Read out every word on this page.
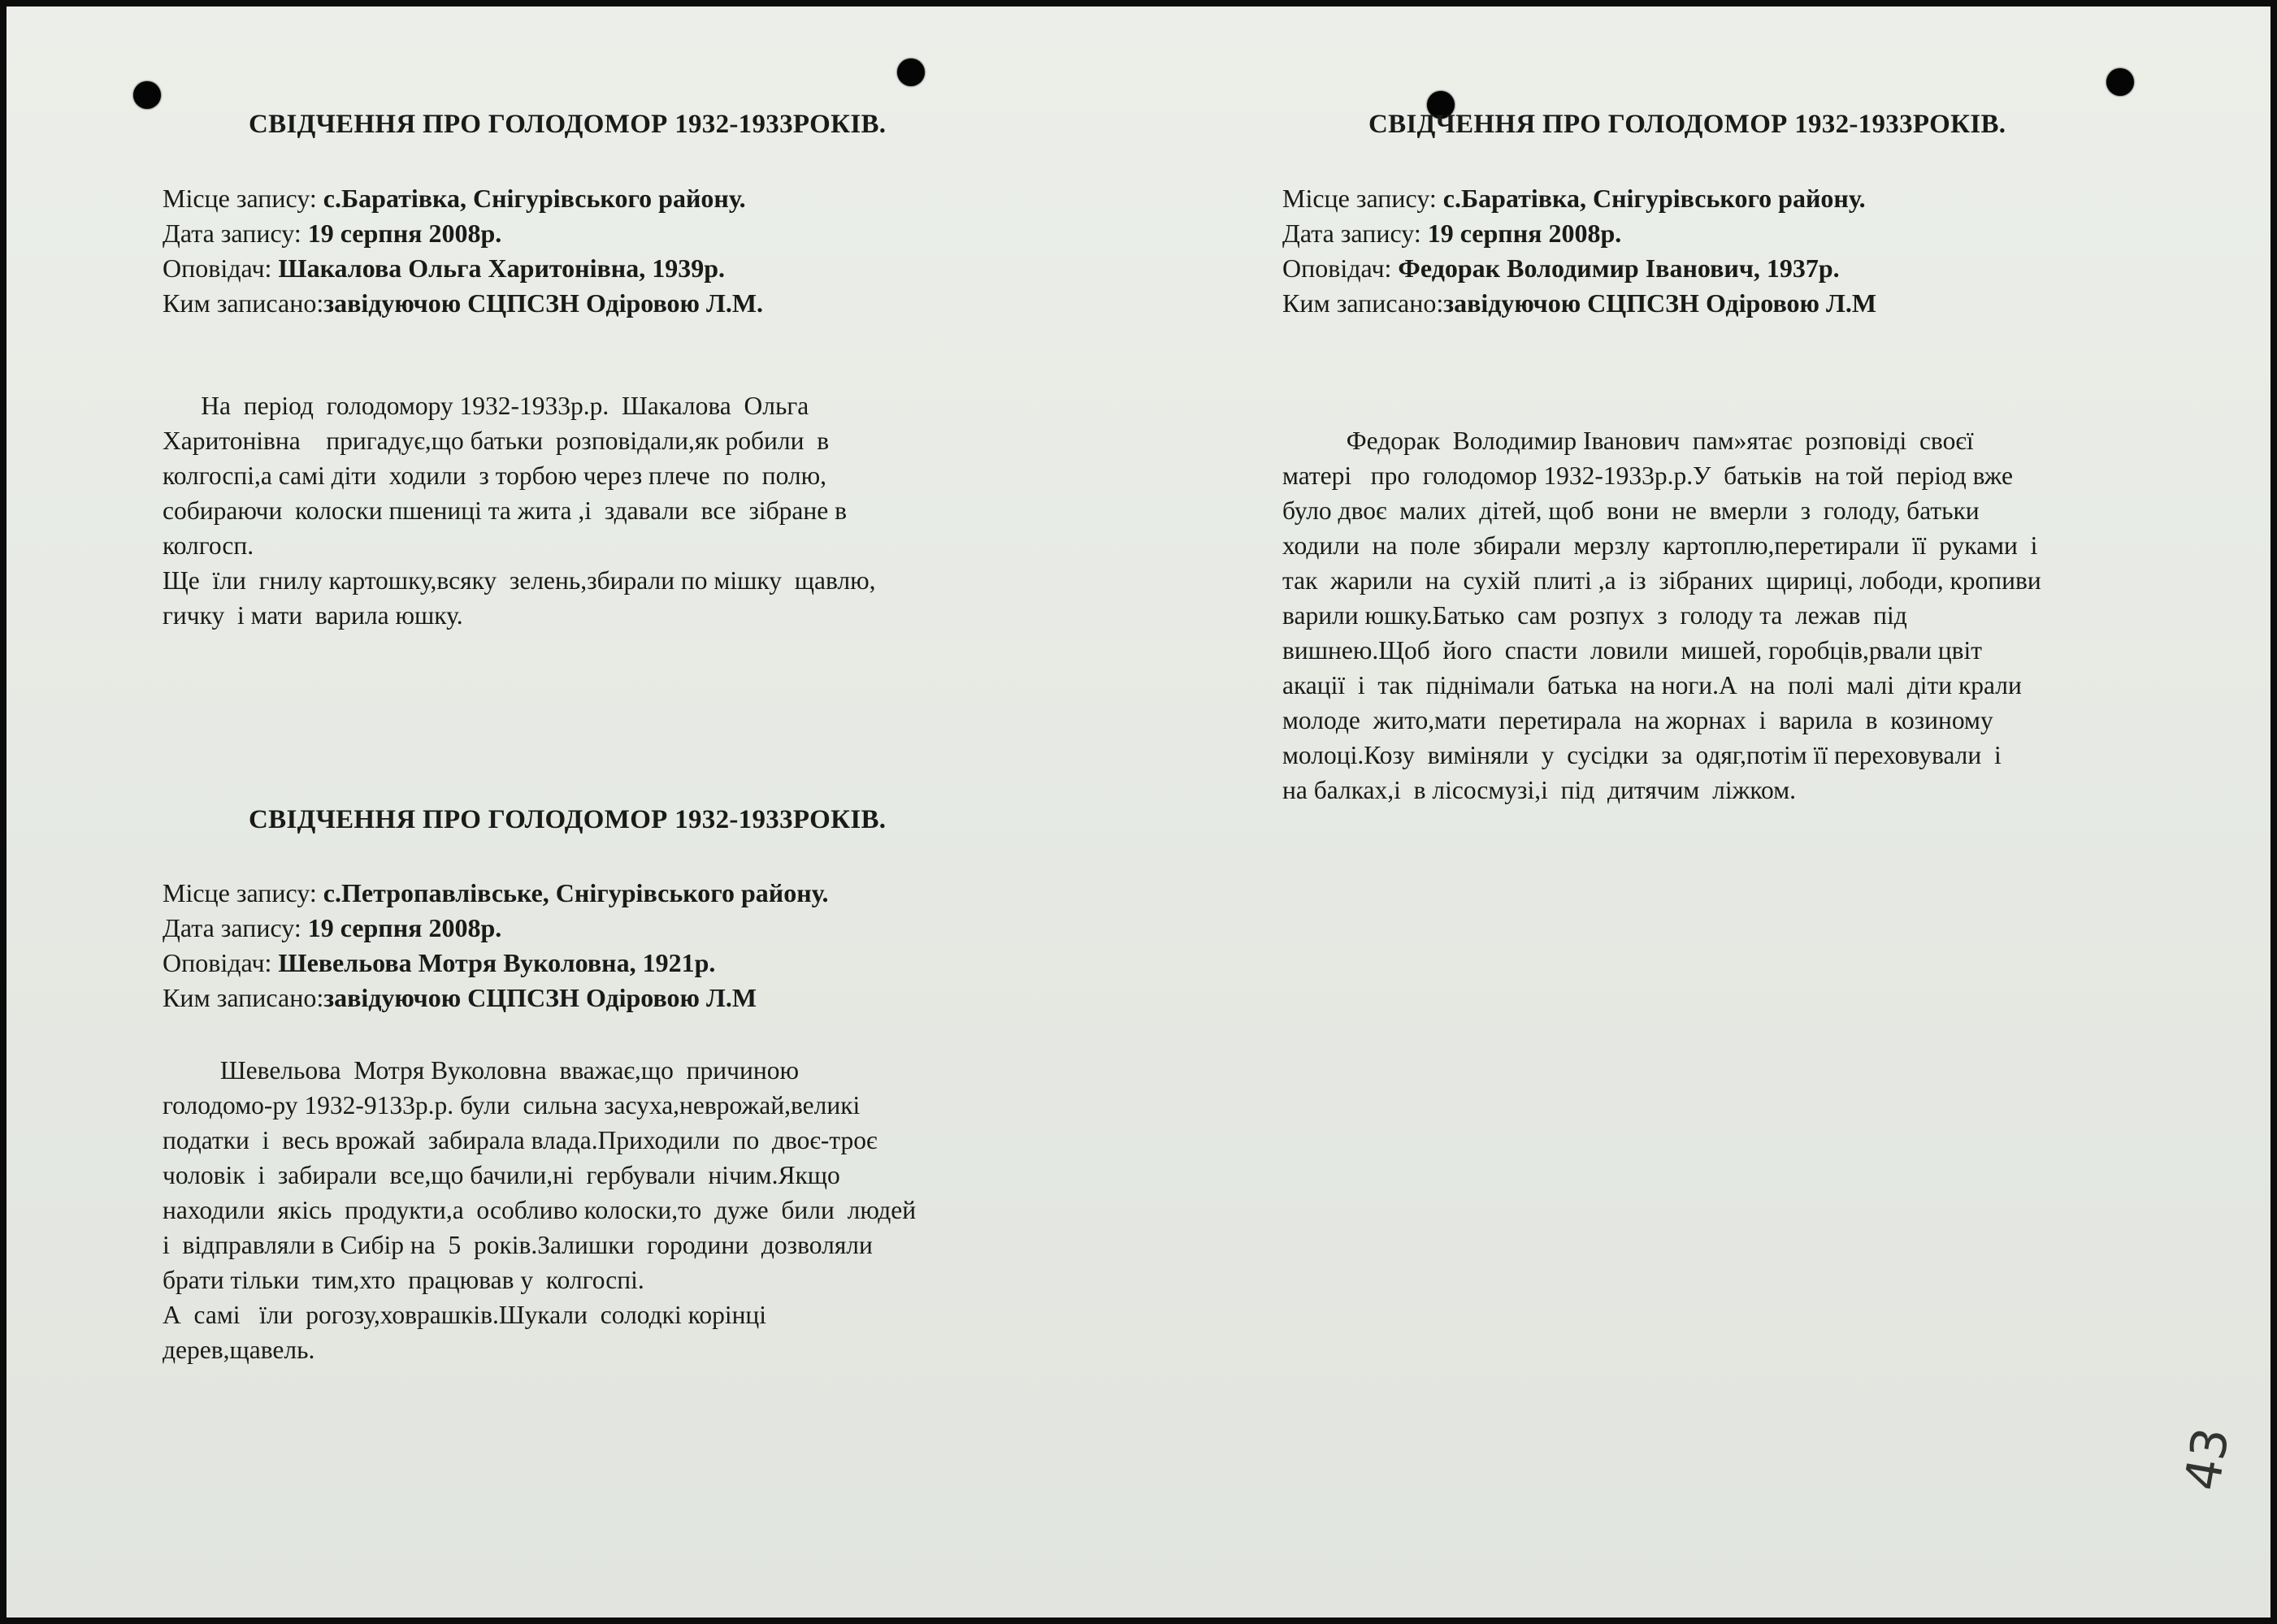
СВІДЧЕННЯ ПРО ГОЛОДОМОР 1932-1933РОКІВ.
Місце запису: с.Баратівка, Снігурівського району.
Дата запису: 19 серпня 2008р.
Оповідач: Шакалова Ольга Харитонівна, 1939р.
Ким записано:завідуючою СЦПСЗН Одіровою Л.М.
На  період  голодомору 1932-1933р.р.  Шакалова  Ольга
Харитонівна    пригадує,що батьки  розповідали,як робили  в
колгоспі,а самі діти  ходили  з торбою через плече  по  полю,
собираючи  колоски пшениці та жита ,і  здавали  все  зібране в
колгосп.
Ще  їли  гнилу картошку,всяку  зелень,збирали по мішку  щавлю,
гичку  і мати  варила юшку.
СВІДЧЕННЯ ПРО ГОЛОДОМОР 1932-1933РОКІВ.
Місце запису: с.Петропавлівське, Снігурівського району.
Дата запису: 19 серпня 2008р.
Оповідач: Шевельова Мотря Вуколовна, 1921р.
Ким записано:завідуючою СЦПСЗН Одіровою Л.М
Шевельова  Мотря Вуколовна  вважає,що  причиною
голодомо-ру 1932-9133р.р. були  сильна засуха,неврожай,великі
податки  і  весь врожай  забирала влада.Приходили  по  двоє-троє
чоловік  і  забирали  все,що бачили,ні  гербували  нічим.Якщо
находили  якісь  продукти,а  особливо колоски,то  дуже  били  людей
і  відправляли в Сибір на  5  років.Залишки  городини  дозволяли
брати тільки  тим,хто  працював у  колгоспі.
А  самі   їли  рогозу,ховрашків.Шукали  солодкі корінці
дерев,щавель.
СВІДЧЕННЯ ПРО ГОЛОДОМОР 1932-1933РОКІВ.
Місце запису: с.Баратівка, Снігурівського району.
Дата запису: 19 серпня 2008р.
Оповідач: Федорак Володимир Іванович, 1937р.
Ким записано:завідуючою СЦПСЗН Одіровою Л.М
Федорак  Володимир Іванович  пам»ятає  розповіді  своєї
матері   про  голодомор 1932-1933р.р.У  батьків  на той  період вже
було двоє  малих  дітей, щоб  вони  не  вмерли  з  голоду, батьки
ходили  на  поле  збирали  мерзлу  картоплю,перетирали  її  руками  і
так  жарили  на  сухій  плиті ,а  із  зібраних  щириці, лободи, кропиви
варили юшку.Батько  сам  розпух  з  голоду та  лежав  під
вишнею.Щоб  його  спасти  ловили  мишей, горобців,рвали цвіт
акації  і  так  піднімали  батька  на ноги.А  на  полі  малі  діти крали
молоде  жито,мати  перетирала  на жорнах  і  варила  в  козиному
молоці.Козу  виміняли  у  сусідки  за  одяг,потім її переховували  і
на балках,і  в лісосмузі,і  під  дитячим  ліжком.
43
